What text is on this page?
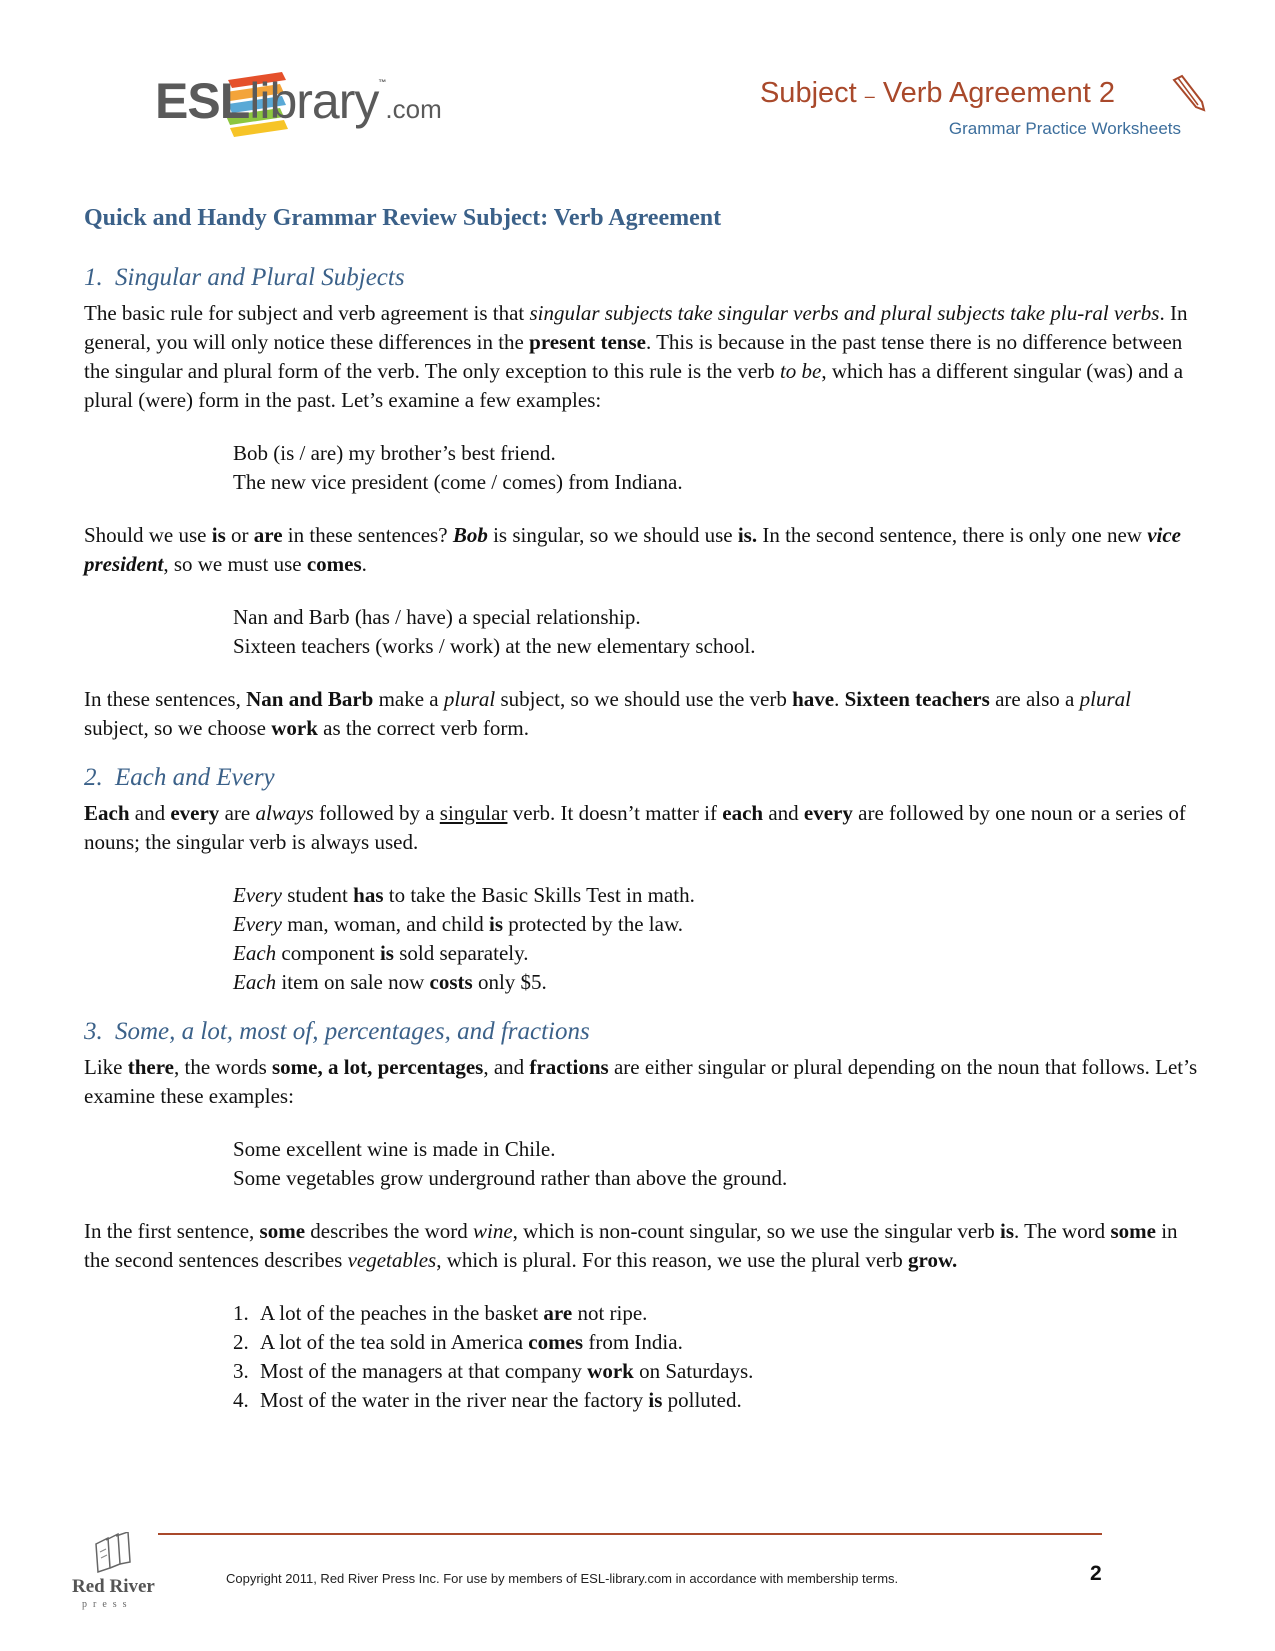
ESLlibrary™.com	Subject – Verb Agreement 2
Grammar Practice Worksheets
Quick and Handy Grammar Review Subject: Verb Agreement
1. Singular and Plural Subjects

The basic rule for subject and verb agreement is that singular subjects take singular verbs and plural subjects take plu-ral verbs. In general, you will only notice these differences in the present tense. This is because in the past tense there is no difference between the singular and plural form of the verb. The only exception to this rule is the verb to be, which has a different singular (was) and a plural (were) form in the past. Let’s examine a few examples:

Bob (is / are) my brother’s best friend.
The new vice president (come / comes) from Indiana.

Should we use is or are in these sentences? Bob is singular, so we should use is. In the second sentence, there is only one new vice president, so we must use comes.

Nan and Barb (has / have) a special relationship.
Sixteen teachers (works / work) at the new elementary school.

In these sentences, Nan and Barb make a plural subject, so we should use the verb have. Sixteen teachers are also a plural subject, so we choose work as the correct verb form.

2. Each and Every

Each and every are always followed by a singular verb. It doesn’t matter if each and every are followed by one noun or a series of nouns; the singular verb is always used.

Every student has to take the Basic Skills Test in math.
Every man, woman, and child is protected by the law.
Each component is sold separately.
Each item on sale now costs only $5.
3. Some, a lot, most of, percentages, and fractions

Like there, the words some, a lot, percentages, and fractions are either singular or plural depending on the noun that follows. Let’s examine these examples:

Some excellent wine is made in Chile.
Some vegetables grow underground rather than above the ground.

In the first sentence, some describes the word wine, which is non-count singular, so we use the singular verb is. The word some in the second sentences describes vegetables, which is plural. For this reason, we use the plural verb grow.

1. A lot of the peaches in the basket are not ripe.
2. A lot of the tea sold in America comes from India.
3. Most of the managers at that company work on Saturdays.
4. Most of the water in the river near the factory is polluted.
Red River
press
Copyright 2011, Red River Press Inc. For use by members of ESL-library.com in accordance with membership terms.	2
